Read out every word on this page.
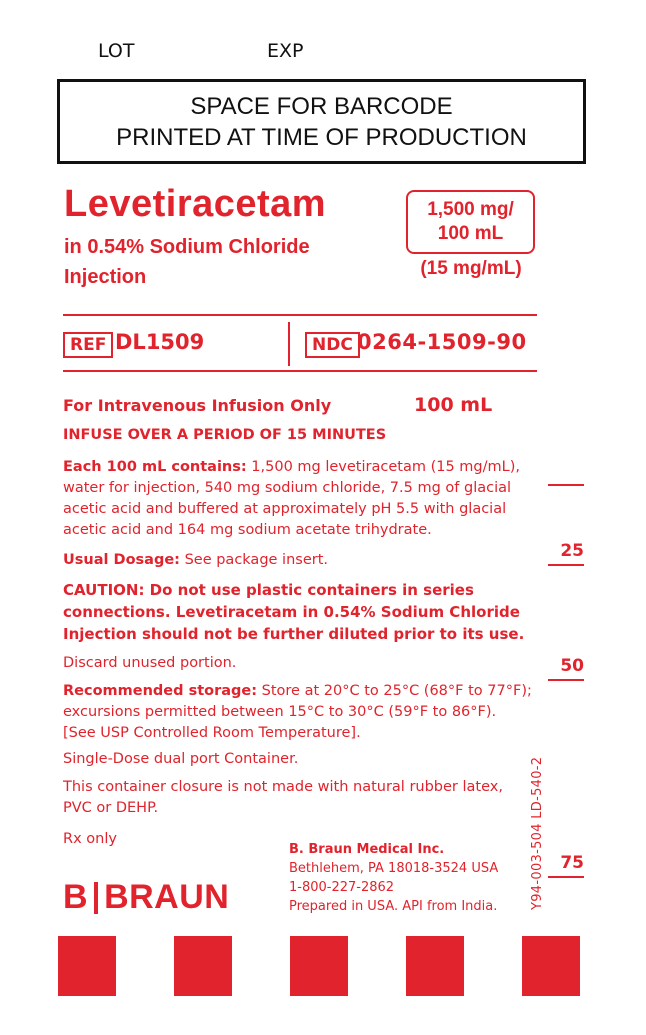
LOT	EXP
SPACE FOR BARCODE
PRINTED AT TIME OF PRODUCTION
Levetiracetam
in 0.54% Sodium Chloride
Injection
1,500 mg/
100 mL
(15 mg/mL)
REF DL1509	NDC 0264-1509-90
For Intravenous Infusion Only	100 mL
INFUSE OVER A PERIOD OF 15 MINUTES
Each 100 mL contains: 1,500 mg levetiracetam (15 mg/mL), water for injection, 540 mg sodium chloride, 7.5 mg of glacial acetic acid and buffered at approximately pH 5.5 with glacial acetic acid and 164 mg sodium acetate trihydrate.
Usual Dosage: See package insert.
CAUTION: Do not use plastic containers in series connections. Levetiracetam in 0.54% Sodium Chloride Injection should not be further diluted prior to its use.
Discard unused portion.
Recommended storage: Store at 20°C to 25°C (68°F to 77°F); excursions permitted between 15°C to 30°C (59°F to 86°F). [See USP Controlled Room Temperature].
Single-Dose dual port Container.
This container closure is not made with natural rubber latex, PVC or DEHP.
Rx only
B. Braun Medical Inc.
Bethlehem, PA 18018-3524 USA
1-800-227-2862
Prepared in USA. API from India.
B BRAUN	Y94-003-504 LD-540-2
25
50
75
